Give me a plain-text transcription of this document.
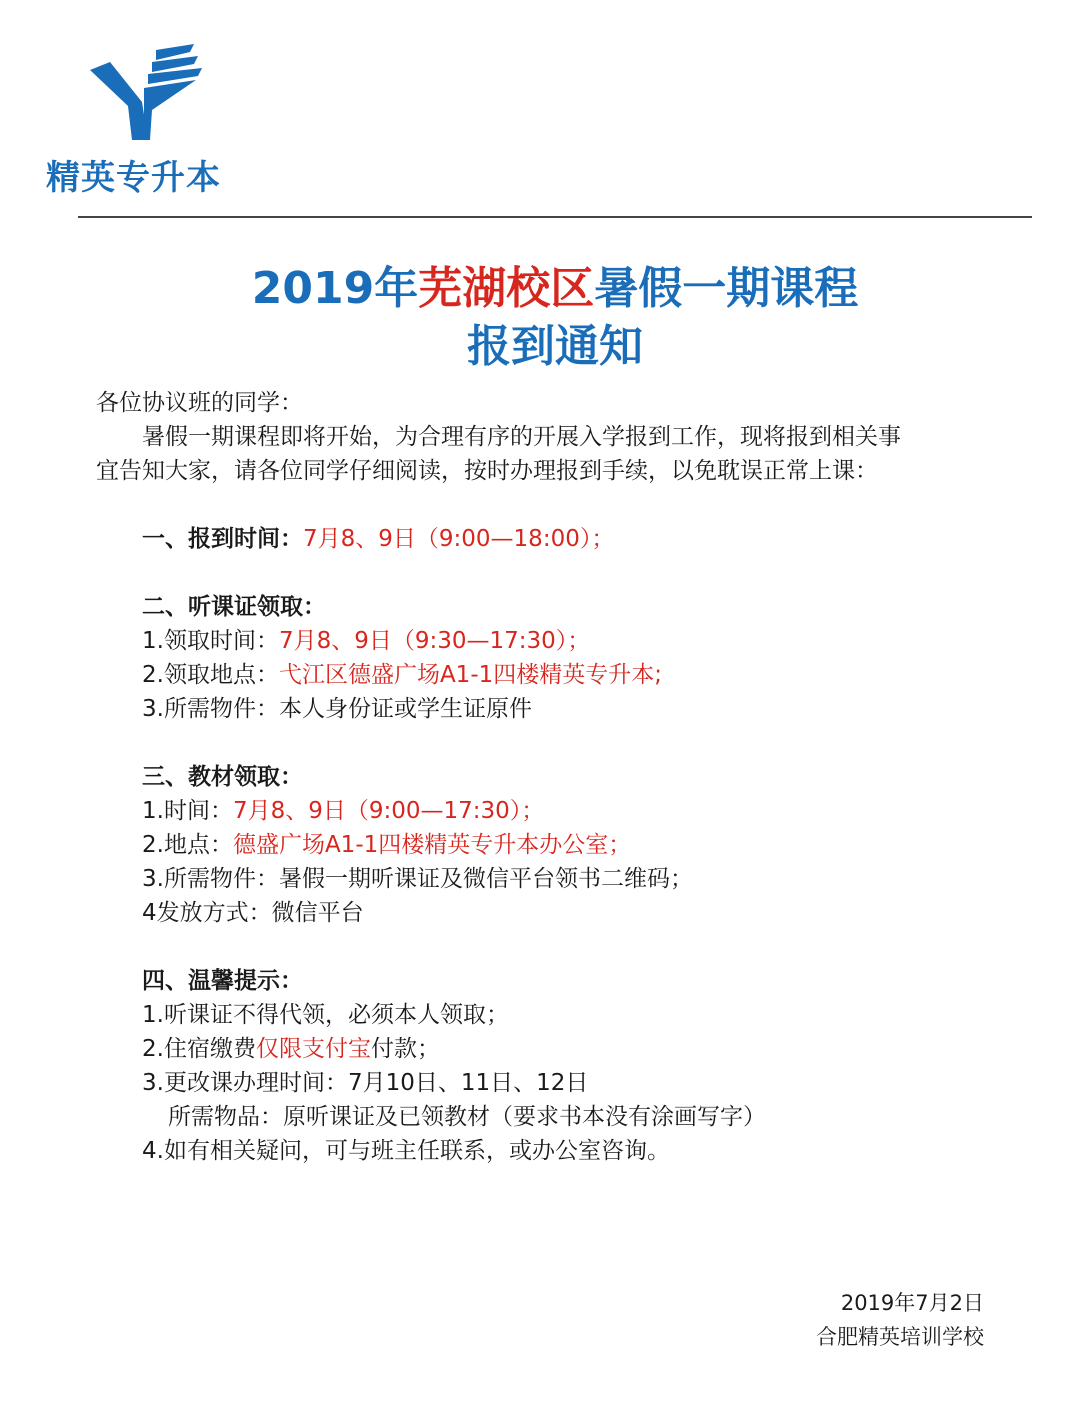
精英专升本
2019年芜湖校区暑假一期课程
报到通知
各位协议班的同学：
暑假一期课程即将开始，为合理有序的开展入学报到工作，现将报到相关事
宜告知大家，请各位同学仔细阅读，按时办理报到手续，以免耽误正常上课：
一、报到时间：7月8、9日（9:00—18:00）；
二、听课证领取：
1.领取时间：7月8、9日（9:30—17:30）；
2.领取地点：弋江区德盛广场A1-1四楼精英专升本;
3.所需物件：本人身份证或学生证原件
三、教材领取：
1.时间：7月8、9日（9:00—17:30）；
2.地点：德盛广场A1-1四楼精英专升本办公室；
3.所需物件：暑假一期听课证及微信平台领书二维码；
4发放方式：微信平台
四、温馨提示：
1.听课证不得代领，必须本人领取；
2.住宿缴费仅限支付宝付款；
3.更改课办理时间：7月10日、11日、12日
所需物品：原听课证及已领教材（要求书本没有涂画写字）
4.如有相关疑问，可与班主任联系，或办公室咨询。
2019年7月2日
合肥精英培训学校
